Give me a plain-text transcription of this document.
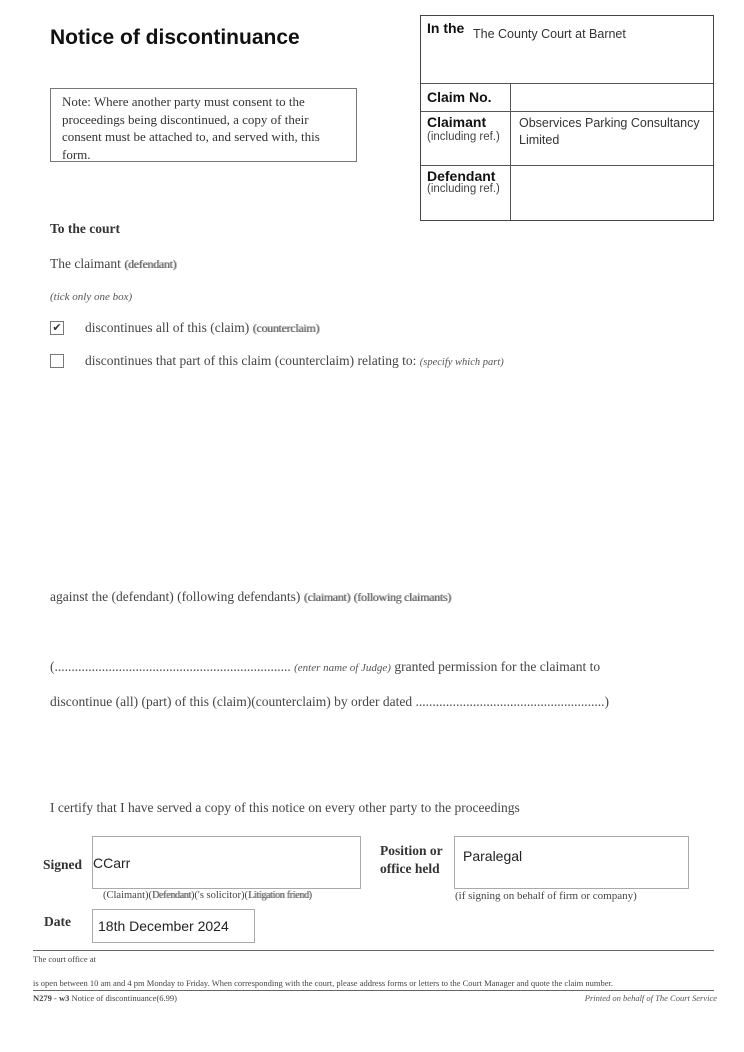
Notice of discontinuance
Note: Where another party must consent to the proceedings being discontinued, a copy of their consent must be attached to, and served with, this form.
In the The County Court at Barnet
Claim No.
Claimant
(including ref.)
Observices Parking Consultancy Limited
Defendant
(including ref.)
To the court
The claimant (defendant)
(tick only one box)
✔ discontinues all of this (claim) (counterclaim)
discontinues that part of this claim (counterclaim) relating to: (specify which part)
against the (defendant) (following defendants) (claimant) (following claimants)
(...................................................................... (enter name of Judge) granted permission for the claimant to
discontinue (all) (part) of this (claim)(counterclaim) by order dated ........................................................)
I certify that I have served a copy of this notice on every other party to the proceedings
Signed CCarr
(Claimant)(Defendant)('s solicitor)(Litigation friend)
Position or
office held
Paralegal
(if signing on behalf of firm or company)
Date 18th December 2024
The court office at
is open between 10 am and 4 pm Monday to Friday. When corresponding with the court, please address forms or letters to the Court Manager and quote the claim number.
N279 - w3 Notice of discontinuance(6.99)	Printed on behalf of The Court Service
